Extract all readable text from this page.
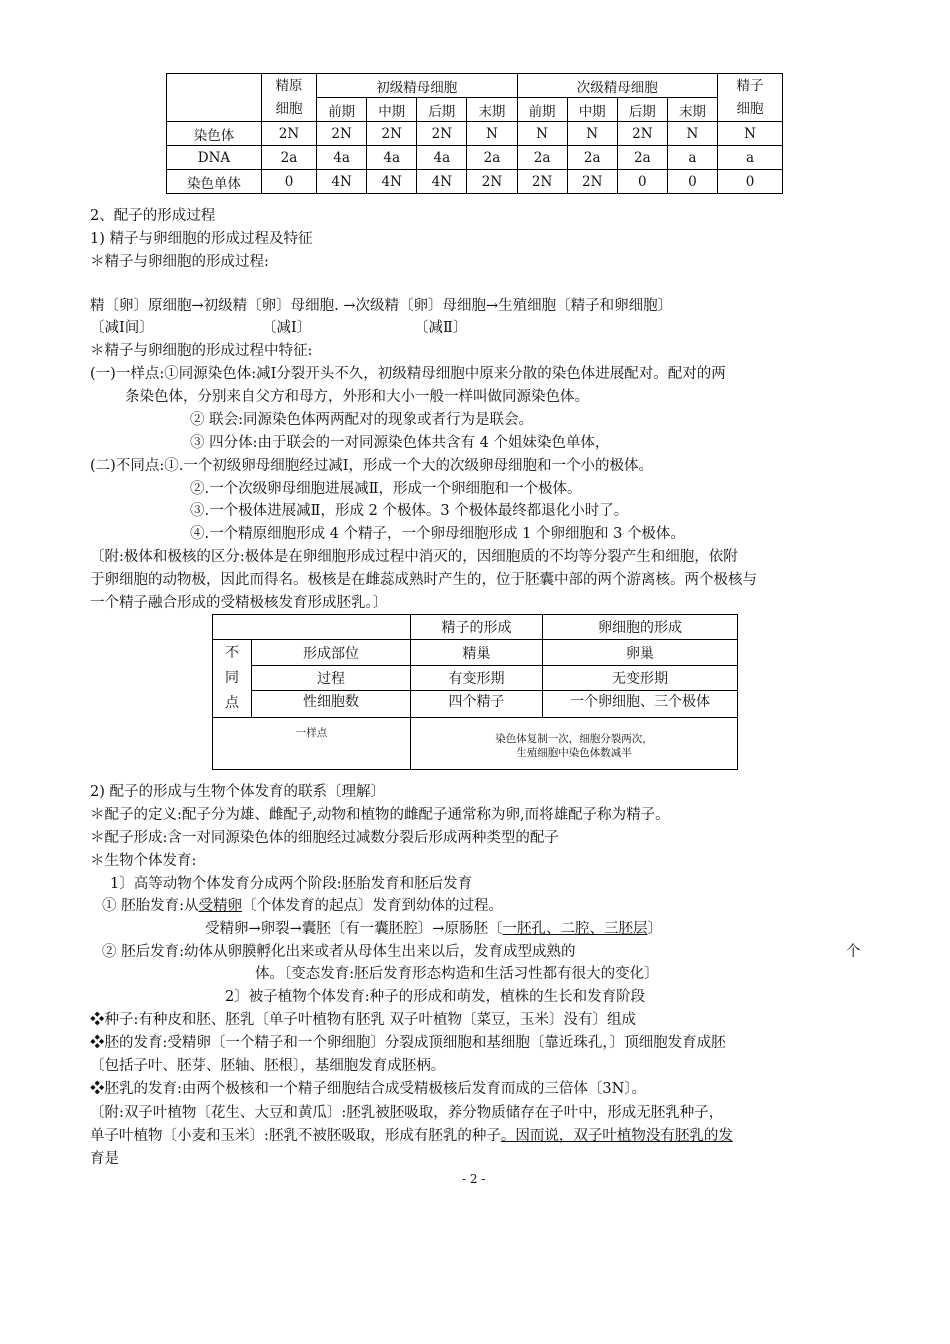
	精原
细胞	初级精母细胞				次级精母细胞				精子
细胞
		前期	中期	后期	末期	前期	中期	后期	末期	
染色体	2N	2N	2N	2N	N	N	N	2N	N	N
DNA	2a	4a	4a	4a	2a	2a	2a	2a	a	a
染色单体	0	4N	4N	4N	2N	2N	2N	0	0	0
2、配子的形成过程
1) 精子与卵细胞的形成过程及特征
＊精子与卵细胞的形成过程:
精〔卵〕原细胞→初级精〔卵〕母细胞. →次级精〔卵〕母细胞→生殖细胞〔精子和卵细胞〕
〔减Ⅰ间〕	〔减Ⅰ〕	〔减Ⅱ〕
＊精子与卵细胞的形成过程中特征:
(一)一样点:①同源染色体:减Ⅰ分裂开头不久，初级精母细胞中原来分散的染色体进展配对。配对的两
条染色体，分别来自父方和母方，外形和大小一般一样叫做同源染色体。
② 联会:同源染色体两两配对的现象或者行为是联会。
③ 四分体:由于联会的一对同源染色体共含有 4 个姐妹染色单体，
(二)不同点:①.一个初级卵母细胞经过减Ⅰ，形成一个大的次级卵母细胞和一个小的极体。
②.一个次级卵母细胞进展减Ⅱ，形成一个卵细胞和一个极体。
③.一个极体进展减Ⅱ，形成 2 个极体。3 个极体最终都退化小时了。
④.一个精原细胞形成 4 个精子，一个卵母细胞形成 1 个卵细胞和 3 个极体。
〔附:极体和极核的区分:极体是在卵细胞形成过程中消灭的，因细胞质的不均等分裂产生和细胞，依附
于卵细胞的动物极，因此而得名。极核是在雌蕊成熟时产生的，位于胚囊中部的两个游离核。两个极核与
一个精子融合形成的受精极核发育形成胚乳。〕
		精子的形成	卵细胞的形成
不
同
点	形成部位	精巢	卵巢
	过程	有变形期	无变形期
	性细胞数	四个精子	一个卵细胞、三个极体
一样点		染色体复制一次，细胞分裂两次，
生殖细胞中染色体数减半	
2) 配子的形成与生物个体发育的联系〔理解〕
＊配子的定义:配子分为雄、雌配子,动物和植物的雌配子通常称为卵,而将雄配子称为精子。
＊配子形成:含一对同源染色体的细胞经过减数分裂后形成两种类型的配子
＊生物个体发育:
1〕高等动物个体发育分成两个阶段:胚胎发育和胚后发育
① 胚胎发育:从受精卵〔个体发育的起点〕发育到幼体的过程。
受精卵→卵裂→囊胚〔有一囊胚腔〕→原肠胚〔一胚孔、二腔、三胚层〕
② 胚后发育:幼体从卵膜孵化出来或者从母体生出来以后，发育成型成熟的	个
体。〔变态发育:胚后发育形态构造和生活习性都有很大的变化〕
2〕被子植物个体发育:种子的形成和萌发，植株的生长和发育阶段
❖种子:有种皮和胚、胚乳〔单子叶植物有胚乳 双子叶植物〔菜豆，玉米〕没有〕组成
❖胚的发育:受精卵〔一个精子和一个卵细胞〕分裂成顶细胞和基细胞〔靠近珠孔，〕顶细胞发育成胚
〔包括子叶、胚芽、胚轴、胚根〕，基细胞发育成胚柄。
❖胚乳的发育:由两个极核和一个精子细胞结合成受精极核后发育而成的三倍体〔3N〕。
〔附:双子叶植物〔花生、大豆和黄瓜〕:胚乳被胚吸取，养分物质储存在子叶中，形成无胚乳种子，
单子叶植物〔小麦和玉米〕:胚乳不被胚吸取，形成有胚乳的种子。因而说，双子叶植物没有胚乳的发
育是
- 2 -
